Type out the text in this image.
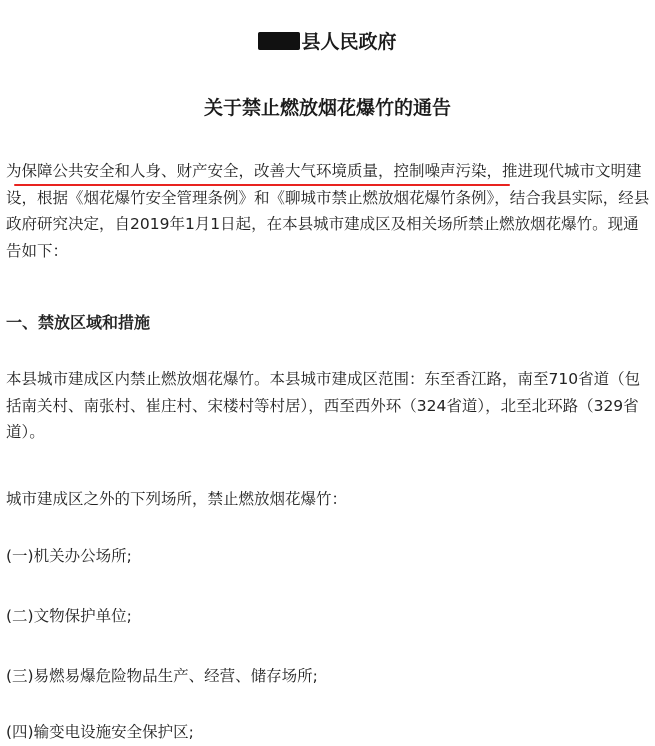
县人民政府
关于禁止燃放烟花爆竹的通告
为保障公共安全和人身、财产安全，改善大气环境质量，控制噪声污染，推进现代城市文明建设，根据《烟花爆竹安全管理条例》和《聊城市禁止燃放烟花爆竹条例》，结合我县实际，经县政府研究决定，自2019年1月1日起，在本县城市建成区及相关场所禁止燃放烟花爆竹。现通告如下：
一、禁放区域和措施
本县城市建成区内禁止燃放烟花爆竹。本县城市建成区范围：东至香江路，南至710省道（包括南关村、南张村、崔庄村、宋楼村等村居），西至西外环（324省道），北至北环路（329省道）。
城市建成区之外的下列场所，禁止燃放烟花爆竹：
(一)机关办公场所;
(二)文物保护单位;
(三)易燃易爆危险物品生产、经营、储存场所;
(四)输变电设施安全保护区;
